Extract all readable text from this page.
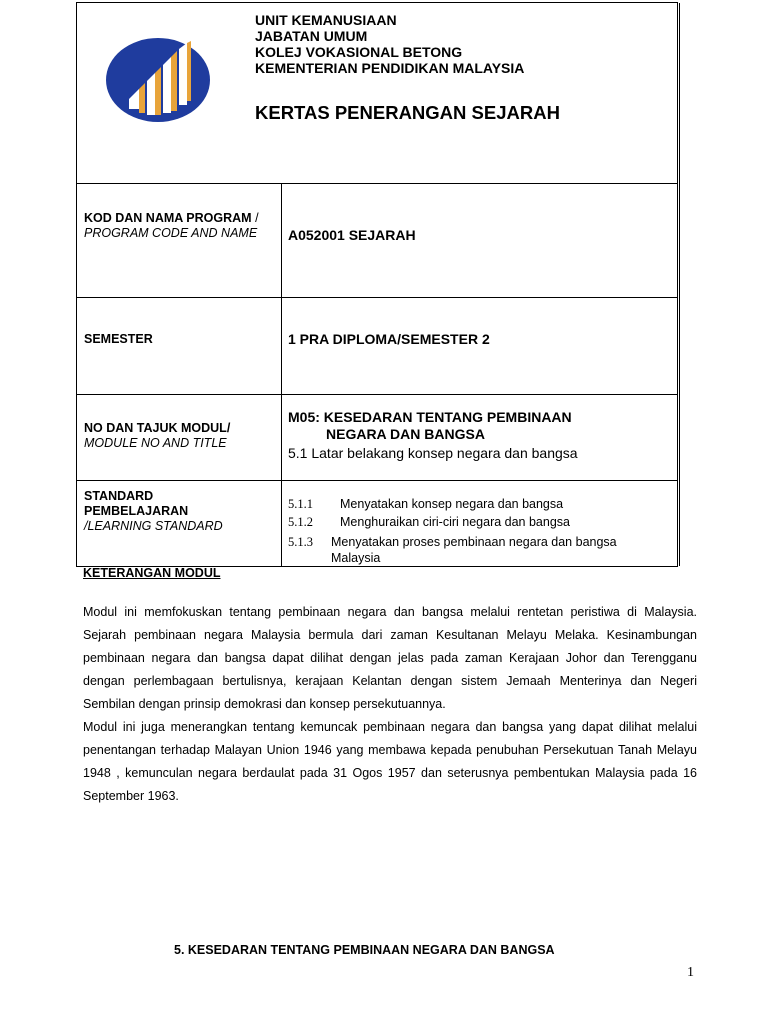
UNIT KEMANUSIAAN
JABATAN UMUM
KOLEJ VOKASIONAL BETONG
KEMENTERIAN PENDIDIKAN MALAYSIA
KERTAS PENERANGAN SEJARAH
KOD DAN NAMA PROGRAM / PROGRAM CODE AND NAME	A052001 SEJARAH
SEMESTER	1 PRA DIPLOMA/SEMESTER 2
NO DAN TAJUK MODUL/
MODULE NO AND TITLE
M05: KESEDARAN TENTANG PEMBINAAN
NEGARA DAN BANGSA
5.1 Latar belakang konsep negara dan bangsa
STANDARD
PEMBELAJARAN
/LEARNING STANDARD
5.1.1 Menyatakan konsep negara dan bangsa
5.1.2 Menghuraikan ciri-ciri negara dan bangsa
5.1.3 Menyatakan proses pembinaan negara dan bangsa
Malaysia
KETERANGAN MODUL

Modul ini memfokuskan tentang pembinaan negara dan bangsa melalui rentetan peristiwa di Malaysia. Sejarah pembinaan negara Malaysia bermula dari zaman Kesultanan Melayu Melaka. Kesinambungan pembinaan negara dan bangsa dapat dilihat dengan jelas pada zaman Kerajaan Johor dan Terengganu dengan perlembagaan bertulisnya, kerajaan Kelantan dengan sistem Jemaah Menterinya dan Negeri Sembilan dengan prinsip demokrasi dan konsep persekutuannya.

Modul ini juga menerangkan tentang kemuncak pembinaan negara dan bangsa yang dapat dilihat melalui penentangan terhadap Malayan Union 1946 yang membawa kepada penubuhan Persekutuan Tanah Melayu 1948 , kemunculan negara berdaulat pada 31 Ogos 1957 dan seterusnya pembentukan Malaysia pada 16 September 1963.

5. KESEDARAN TENTANG PEMBINAAN NEGARA DAN BANGSA
1
